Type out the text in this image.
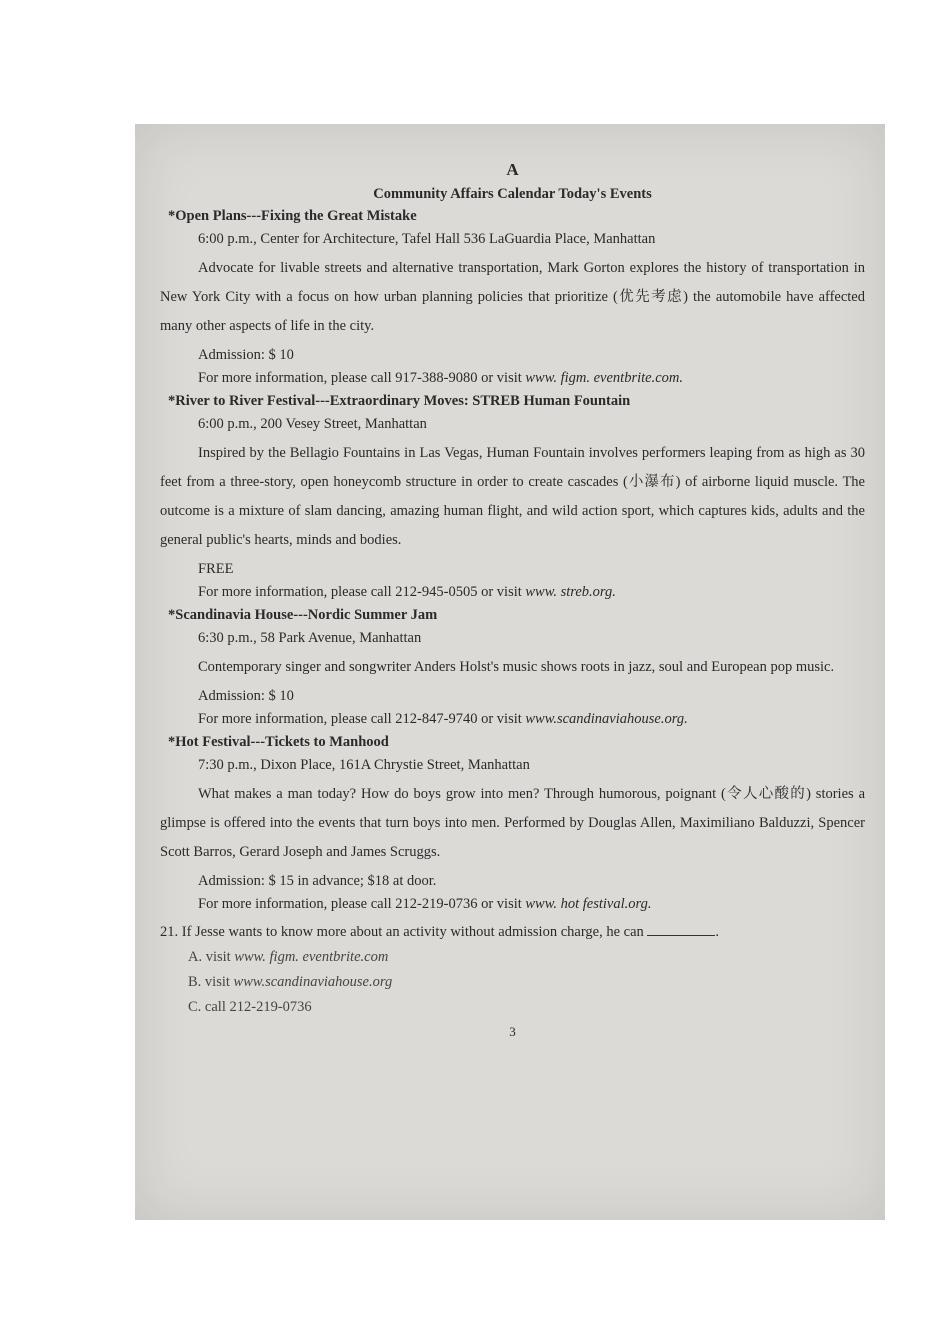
A
Community Affairs Calendar Today's Events
*Open Plans---Fixing the Great Mistake
6:00 p.m., Center for Architecture, Tafel Hall 536 LaGuardia Place, Manhattan
Advocate for livable streets and alternative transportation, Mark Gorton explores the history of transportation in New York City with a focus on how urban planning policies that prioritize (优先考虑) the automobile have affected many other aspects of life in the city.
Admission: $ 10
For more information, please call 917-388-9080 or visit www. figm. eventbrite.com.
*River to River Festival---Extraordinary Moves: STREB Human Fountain
6:00 p.m., 200 Vesey Street, Manhattan
Inspired by the Bellagio Fountains in Las Vegas, Human Fountain involves performers leaping from as high as 30 feet from a three-story, open honeycomb structure in order to create cascades (小瀑布) of airborne liquid muscle. The outcome is a mixture of slam dancing, amazing human flight, and wild action sport, which captures kids, adults and the general public's hearts, minds and bodies.
FREE
For more information, please call 212-945-0505 or visit www. streb.org.
*Scandinavia House---Nordic Summer Jam
6:30 p.m., 58 Park Avenue, Manhattan
Contemporary singer and songwriter Anders Holst's music shows roots in jazz, soul and European pop music.
Admission: $ 10
For more information, please call 212-847-9740 or visit www.scandinaviahouse.org.
*Hot Festival---Tickets to Manhood
7:30 p.m., Dixon Place, 161A Chrystie Street, Manhattan
What makes a man today? How do boys grow into men? Through humorous, poignant (令人心酸的) stories a glimpse is offered into the events that turn boys into men. Performed by Douglas Allen, Maximiliano Balduzzi, Spencer Scott Barros, Gerard Joseph and James Scruggs.
Admission: $ 15 in advance; $18 at door.
For more information, please call 212-219-0736 or visit www. hot festival.org.
21. If Jesse wants to know more about an activity without admission charge, he can	.
A. visit www. figm. eventbrite.com
B. visit www.scandinaviahouse.org
C. call 212-219-0736
3
